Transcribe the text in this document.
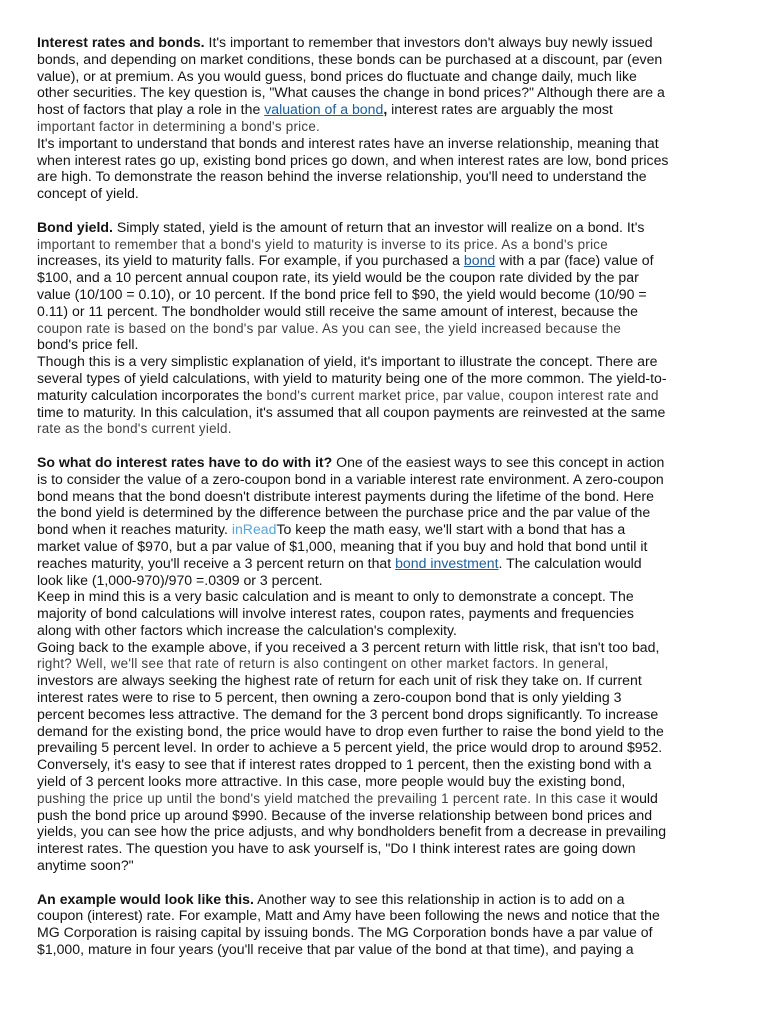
Interest rates and bonds. It's important to remember that investors don't always buy newly issued
bonds, and depending on market conditions, these bonds can be purchased at a discount, par (even
value), or at premium. As you would guess, bond prices do fluctuate and change daily, much like
other securities. The key question is, "What causes the change in bond prices?" Although there are a
host of factors that play a role in the valuation of a bond, interest rates are arguably the most
important factor in determining a bond's price.
It's important to understand that bonds and interest rates have an inverse relationship, meaning that
when interest rates go up, existing bond prices go down, and when interest rates are low, bond prices
are high. To demonstrate the reason behind the inverse relationship, you'll need to understand the
concept of yield.
Bond yield. Simply stated, yield is the amount of return that an investor will realize on a bond. It's
important to remember that a bond's yield to maturity is inverse to its price. As a bond's price
increases, its yield to maturity falls. For example, if you purchased a bond with a par (face) value of
$100, and a 10 percent annual coupon rate, its yield would be the coupon rate divided by the par
value (10/100 = 0.10), or 10 percent. If the bond price fell to $90, the yield would become (10/90 =
0.11) or 11 percent. The bondholder would still receive the same amount of interest, because the
coupon rate is based on the bond's par value. As you can see, the yield increased because the
bond's price fell.
Though this is a very simplistic explanation of yield, it's important to illustrate the concept. There are
several types of yield calculations, with yield to maturity being one of the more common. The yield-to-
maturity calculation incorporates the bond's current market price, par value, coupon interest rate and
time to maturity. In this calculation, it's assumed that all coupon payments are reinvested at the same
rate as the bond's current yield.
So what do interest rates have to do with it? One of the easiest ways to see this concept in action
is to consider the value of a zero-coupon bond in a variable interest rate environment. A zero-coupon
bond means that the bond doesn't distribute interest payments during the lifetime of the bond. Here
the bond yield is determined by the difference between the purchase price and the par value of the
bond when it reaches maturity. inReadTo keep the math easy, we'll start with a bond that has a
market value of $970, but a par value of $1,000, meaning that if you buy and hold that bond until it
reaches maturity, you'll receive a 3 percent return on that bond investment. The calculation would
look like (1,000-970)/970 =.0309 or 3 percent.
Keep in mind this is a very basic calculation and is meant to only to demonstrate a concept. The
majority of bond calculations will involve interest rates, coupon rates, payments and frequencies
along with other factors which increase the calculation's complexity.
Going back to the example above, if you received a 3 percent return with little risk, that isn't too bad,
right? Well, we'll see that rate of return is also contingent on other market factors. In general,
investors are always seeking the highest rate of return for each unit of risk they take on. If current
interest rates were to rise to 5 percent, then owning a zero-coupon bond that is only yielding 3
percent becomes less attractive. The demand for the 3 percent bond drops significantly. To increase
demand for the existing bond, the price would have to drop even further to raise the bond yield to the
prevailing 5 percent level. In order to achieve a 5 percent yield, the price would drop to around $952.
Conversely, it's easy to see that if interest rates dropped to 1 percent, then the existing bond with a
yield of 3 percent looks more attractive. In this case, more people would buy the existing bond,
pushing the price up until the bond's yield matched the prevailing 1 percent rate. In this case it would
push the bond price up around $990. Because of the inverse relationship between bond prices and
yields, you can see how the price adjusts, and why bondholders benefit from a decrease in prevailing
interest rates. The question you have to ask yourself is, "Do I think interest rates are going down
anytime soon?"
An example would look like this. Another way to see this relationship in action is to add on a
coupon (interest) rate. For example, Matt and Amy have been following the news and notice that the
MG Corporation is raising capital by issuing bonds. The MG Corporation bonds have a par value of
$1,000, mature in four years (you'll receive that par value of the bond at that time), and paying a
